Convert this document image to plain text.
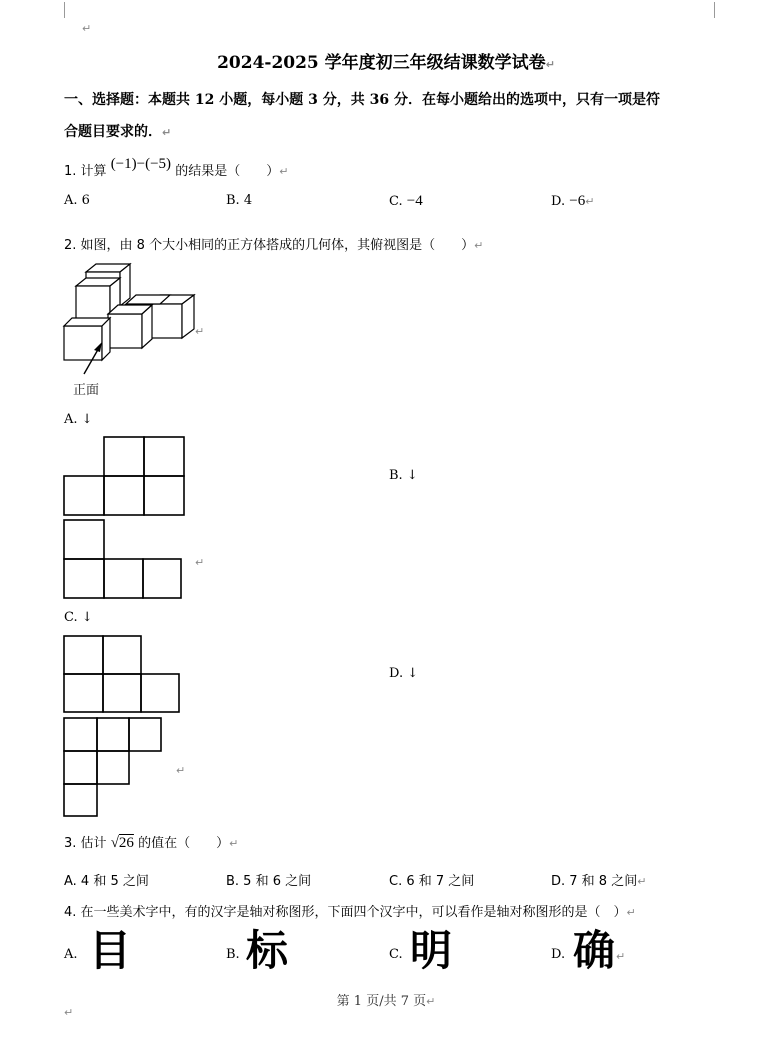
↵
2024-2025 学年度初三年级结课数学试卷↵
一、选择题：本题共 12 小题，每小题 3 分，共 36 分．在每小题给出的选项中，只有一项是符
合题目要求的．↵
1. 计算 (−1)−(−5) 的结果是（　　）↵
A. 6	B. 4	C. −4	D. −6↵
2. 如图，由 8 个大小相同的正方体搭成的几何体，其俯视图是（　　）↵
↵
正面
A. ↓
B. ↓
↵
C. ↓
D. ↓
↵
3. 估计 √26 的值在（　　）↵
A. 4 和 5 之间	B. 5 和 6 之间	C. 6 和 7 之间	D. 7 和 8 之间↵
4. 在一些美术字中，有的汉字是轴对称图形，下面四个汉字中，可以看作是轴对称图形的是（　）↵
A. 目	B. 标	C. 明	D. 确 ↵
第 1 页/共 7 页↵
↵
